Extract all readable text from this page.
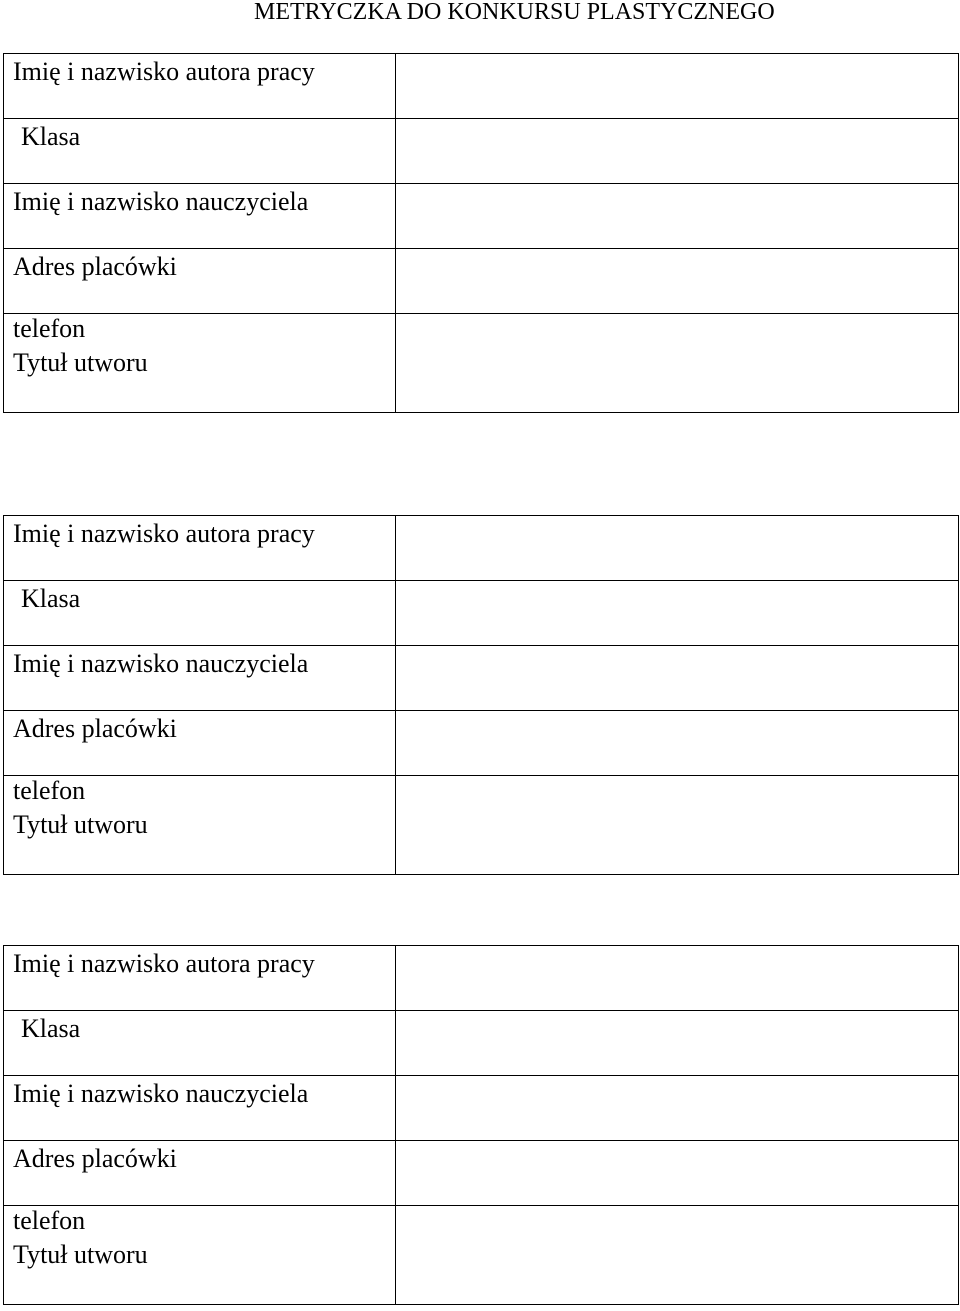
METRYCZKA DO KONKURSU PLASTYCZNEGO
Imię i nazwisko autora pracy	

Klasa	

Imię i nazwisko nauczyciela	

Adres placówki	

telefon
Tytuł utworu	

Imię i nazwisko autora pracy	

Klasa	

Imię i nazwisko nauczyciela	

Adres placówki	

telefon
Tytuł utworu	

Imię i nazwisko autora pracy	

Klasa	

Imię i nazwisko nauczyciela	

Adres placówki	

telefon
Tytuł utworu	
